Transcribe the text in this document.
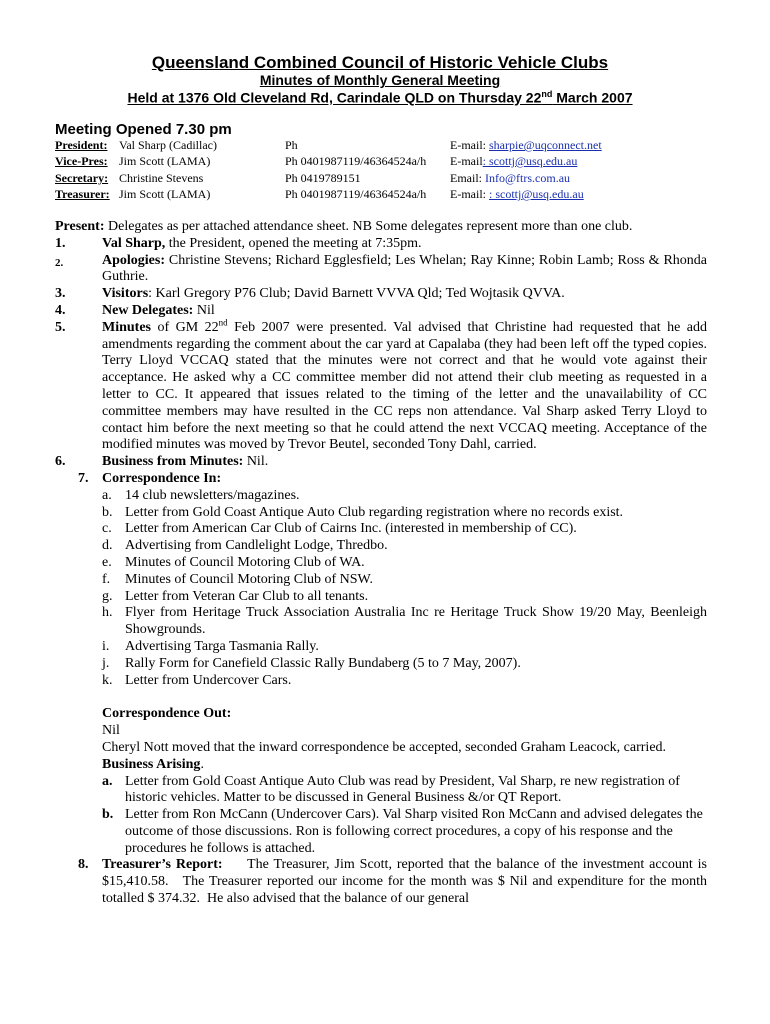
Queensland Combined Council of Historic Vehicle Clubs
Minutes of Monthly General Meeting
Held at 1376 Old Cleveland Rd, Carindale QLD on Thursday 22nd March 2007
Meeting Opened 7.30 pm
President: Val Sharp (Cadillac)	Ph	E-mail: sharpie@uqconnect.net
Vice-Pres: Jim Scott (LAMA)	Ph 0401987119/46364524a/h E-mail: scottj@usq.edu.au
Secretary: Christine Stevens	Ph 0419789151	Email: Info@ftrs.com.au
Treasurer: Jim Scott (LAMA)	Ph 0401987119/46364524a/h E-mail: : scottj@usq.edu.au
Present: Delegates as per attached attendance sheet. NB Some delegates represent more than one club.
1.	Val Sharp, the President, opened the meeting at 7:35pm.
2.	Apologies: Christine Stevens; Richard Egglesfield; Les Whelan; Ray Kinne; Robin Lamb; Ross & Rhonda Guthrie.
3.	Visitors: Karl Gregory P76 Club; David Barnett VVVA Qld; Ted Wojtasik QVVA.
4.	New Delegates: Nil
5.	Minutes of GM 22nd Feb 2007 were presented. Val advised that Christine had requested that he add amendments regarding the comment about the car yard at Capalaba (they had been left off the typed copies. Terry Lloyd VCCAQ stated that the minutes were not correct and that he would vote against their acceptance. He asked why a CC committee member did not attend their club meeting as requested in a letter to CC. It appeared that issues related to the timing of the letter and the unavailability of CC committee members may have resulted in the CC reps non attendance. Val Sharp asked Terry Lloyd to contact him before the next meeting so that he could attend the next VCCAQ meeting. Acceptance of the modified minutes was moved by Trevor Beutel, seconded Tony Dahl, carried.
6.	Business from Minutes: Nil.
7. Correspondence In:
a. 14 club newsletters/magazines.
b. Letter from Gold Coast Antique Auto Club regarding registration where no records exist.
c. Letter from American Car Club of Cairns Inc. (interested in membership of CC).
d. Advertising from Candlelight Lodge, Thredbo.
e. Minutes of Council Motoring Club of WA.
f.	Minutes of Council Motoring Club of NSW.
g. Letter from Veteran Car Club to all tenants.
h. Flyer from Heritage Truck Association Australia Inc re Heritage Truck Show 19/20 May, Beenleigh Showgrounds.
i.	Advertising Targa Tasmania Rally.
j.	Rally Form for Canefield Classic Rally Bundaberg (5 to 7 May, 2007).
k. Letter from Undercover Cars.
Correspondence Out:
Nil
Cheryl Nott moved that the inward correspondence be accepted, seconded Graham Leacock, carried.
Business Arising.
a. Letter from Gold Coast Antique Auto Club was read by President, Val Sharp, re new registration of historic vehicles. Matter to be discussed in General Business &/or QT Report.
b. Letter from Ron McCann (Undercover Cars). Val Sharp visited Ron McCann and advised delegates the outcome of those discussions. Ron is following correct procedures, a copy of his response and the procedures he follows is attached.
8. Treasurer’s Report:     The Treasurer, Jim Scott, reported that the balance of the investment account is $15,410.58.   The Treasurer reported our income for the month was $ Nil and expenditure for the month totalled $ 374.32.  He also advised that the balance of our general
